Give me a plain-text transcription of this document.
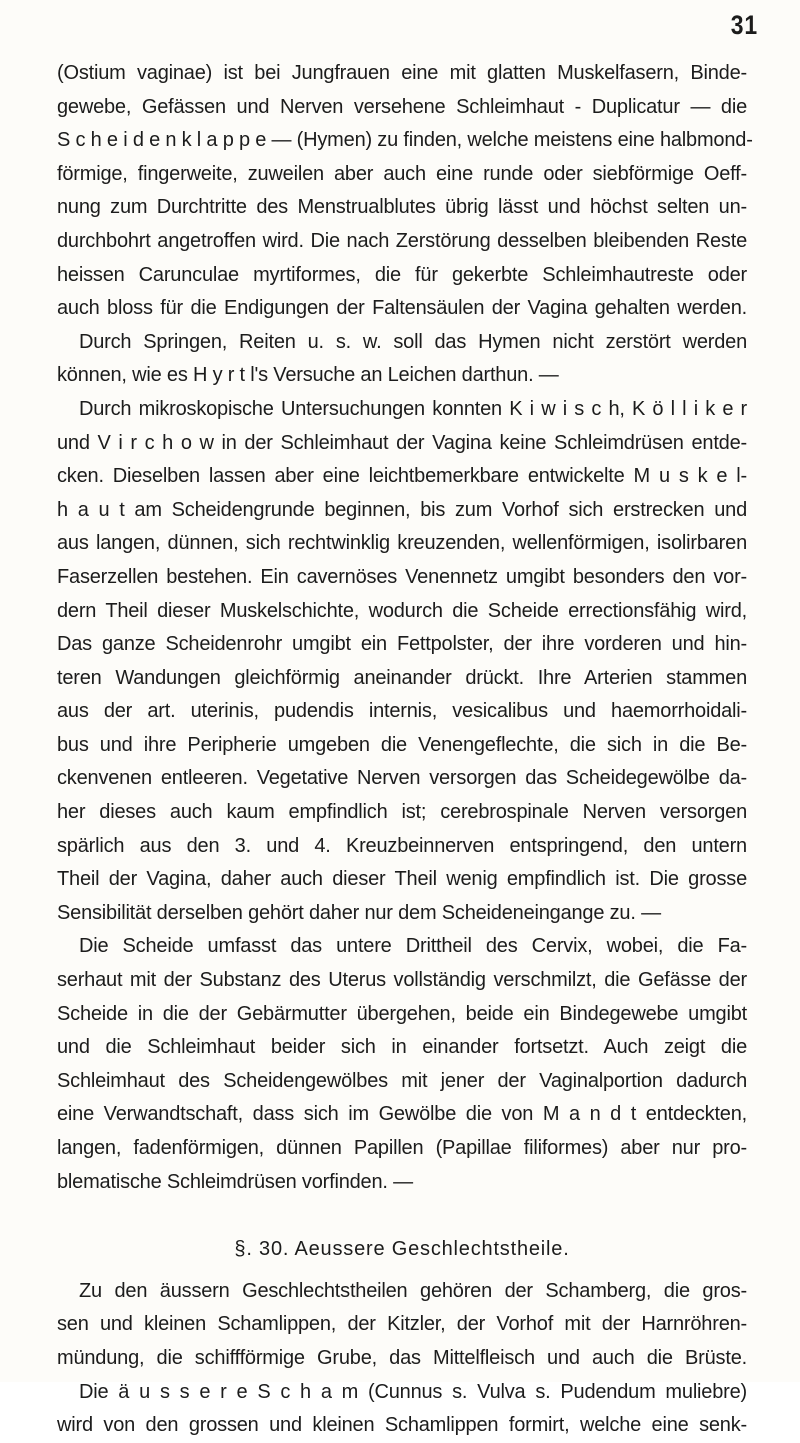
31
(Ostium vaginae) ist bei Jungfrauen eine mit glatten Muskelfasern, Binde-
gewebe, Gefässen und Nerven versehene Schleimhaut - Duplicatur — die
S c h e i d e n k l a p p e — (Hymen) zu finden, welche meistens eine halbmond-
förmige, fingerweite, zuweilen aber auch eine runde oder siebförmige Oeff-
nung zum Durchtritte des Menstrualblutes übrig lässt und höchst selten un-
durchbohrt angetroffen wird. Die nach Zerstörung desselben bleibenden Reste
heissen Carunculae myrtiformes, die für gekerbte Schleimhautreste oder
auch bloss für die Endigungen der Faltensäulen der Vagina gehalten werden.
Durch Springen, Reiten u. s. w. soll das Hymen nicht zerstört werden
können, wie es H y r t l's Versuche an Leichen darthun. —
Durch mikroskopische Untersuchungen konnten K i w i s c h, K ö l l i k e r
und V i r c h o w in der Schleimhaut der Vagina keine Schleimdrüsen entde-
cken. Dieselben lassen aber eine leichtbemerkbare entwickelte M u s k e l-
h a u t am Scheidengrunde beginnen, bis zum Vorhof sich erstrecken und
aus langen, dünnen, sich rechtwinklig kreuzenden, wellenförmigen, isolirbaren
Faserzellen bestehen. Ein cavernöses Venennetz umgibt besonders den vor-
dern Theil dieser Muskelschichte, wodurch die Scheide errectionsfähig wird,
Das ganze Scheidenrohr umgibt ein Fettpolster, der ihre vorderen und hin-
teren Wandungen gleichförmig aneinander drückt. Ihre Arterien stammen
aus der art. uterinis, pudendis internis, vesicalibus und haemorrhoidali-
bus und ihre Peripherie umgeben die Venengeflechte, die sich in die Be-
ckenvenen entleeren. Vegetative Nerven versorgen das Scheidegewölbe da-
her dieses auch kaum empfindlich ist; cerebrospinale Nerven versorgen
spärlich aus den 3. und 4. Kreuzbeinnerven entspringend, den untern
Theil der Vagina, daher auch dieser Theil wenig empfindlich ist. Die grosse
Sensibilität derselben gehört daher nur dem Scheideneingange zu. —
Die Scheide umfasst das untere Drittheil des Cervix, wobei, die Fa-
serhaut mit der Substanz des Uterus vollständig verschmilzt, die Gefässe der
Scheide in die der Gebärmutter übergehen, beide ein Bindegewebe umgibt
und die Schleimhaut beider sich in einander fortsetzt. Auch zeigt die
Schleimhaut des Scheidengewölbes mit jener der Vaginalportion dadurch
eine Verwandtschaft, dass sich im Gewölbe die von M a n d t entdeckten,
langen, fadenförmigen, dünnen Papillen (Papillae filiformes) aber nur pro-
blematische Schleimdrüsen vorfinden. —
§. 30. Aeussere Geschlechtstheile.
Zu den äussern Geschlechtstheilen gehören der Schamberg, die gros-
sen und kleinen Schamlippen, der Kitzler, der Vorhof mit der Harnröhren-
mündung, die schiffförmige Grube, das Mittelfleisch und auch die Brüste.
Die ä u s s e r e S c h a m (Cunnus s. Vulva s. Pudendum muliebre)
wird von den grossen und kleinen Schamlippen formirt, welche eine senk-
